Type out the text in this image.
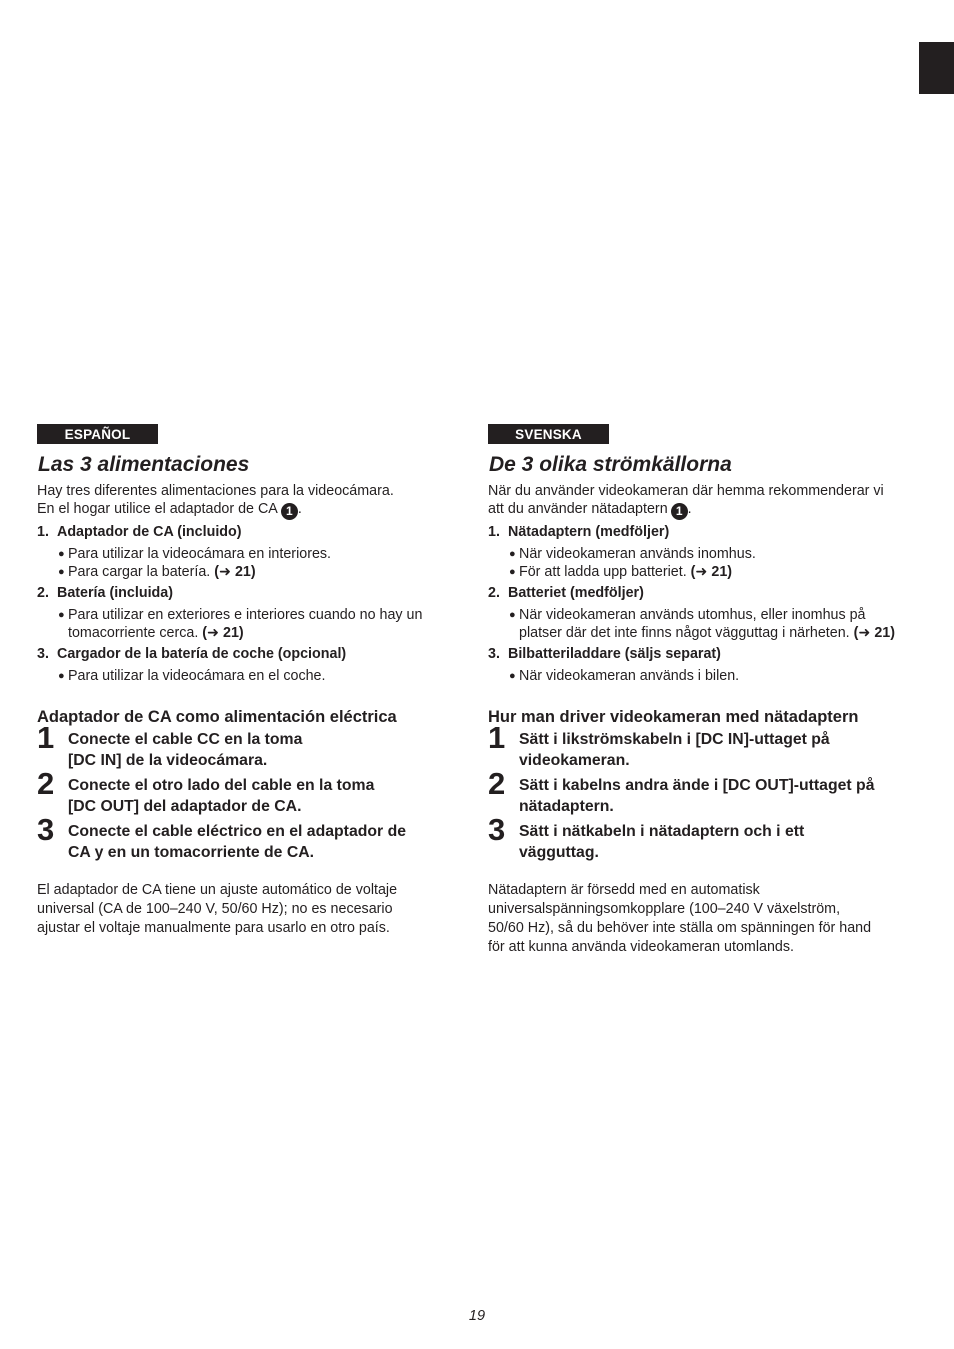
ESPAÑOL
Las 3 alimentaciones
Hay tres diferentes alimentaciones para la videocámara.
En el hogar utilice el adaptador de CA 1 .
1. Adaptador de CA (incluido)
● Para utilizar la videocámara en interiores.
● Para cargar la batería. (➜ 21)
2. Batería (incluida)
● Para utilizar en exteriores e interiores cuando no hay un tomacorriente cerca. (➜ 21)
3. Cargador de la batería de coche (opcional)
● Para utilizar la videocámara en el coche.
Adaptador de CA como alimentación eléctrica
1 Conecte el cable CC en la toma
[DC IN] de la videocámara.
2 Conecte el otro lado del cable en la toma
[DC OUT] del adaptador de CA.
3 Conecte el cable eléctrico en el adaptador de
CA y en un tomacorriente de CA.
El adaptador de CA tiene un ajuste automático de voltaje
universal (CA de 100–240 V, 50/60 Hz); no es necesario
ajustar el voltaje manualmente para usarlo en otro país.
SVENSKA
De 3 olika strömkällorna
När du använder videokameran där hemma rekommenderar vi
att du använder nätadaptern 1 .
1. Nätadaptern (medföljer)
● När videokameran används inomhus.
● För att ladda upp batteriet. (➜ 21)
2. Batteriet (medföljer)
● När videokameran används utomhus, eller inomhus på platser där det inte finns något vägguttag i närheten. (➜ 21)
3. Bilbatteriladdare (säljs separat)
● När videokameran används i bilen.
Hur man driver videokameran med nätadaptern
1 Sätt i likströmskabeln i [DC IN]-uttaget på
videokameran.
2 Sätt i kabelns andra ände i [DC OUT]-uttaget på
nätadaptern.
3 Sätt i nätkabeln i nätadaptern och i ett
vägguttag.
Nätadaptern är försedd med en automatisk
universalspänningsomkopplare (100–240 V växelström,
50/60 Hz), så du behöver inte ställa om spänningen för hand
för att kunna använda videokameran utomlands.
19
